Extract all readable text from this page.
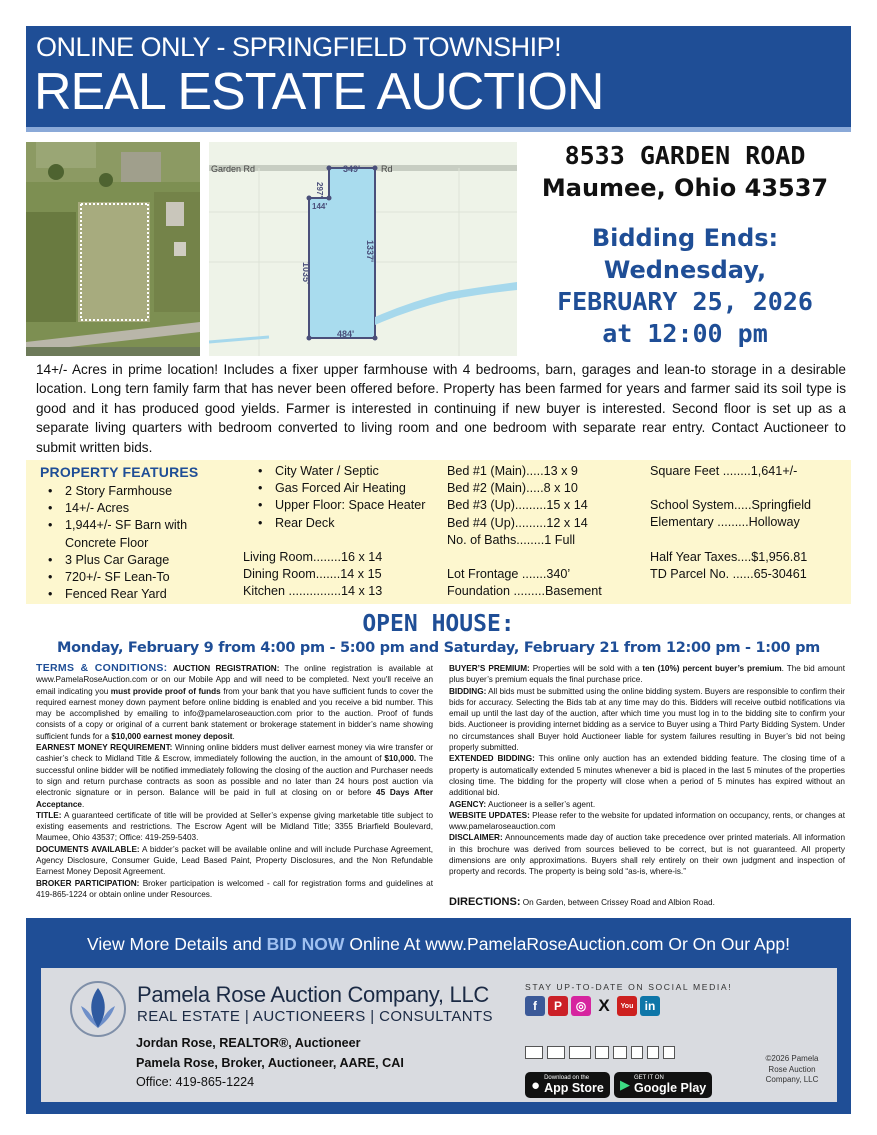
ONLINE ONLY - SPRINGFIELD TOWNSHIP!
REAL ESTATE AUCTION
Garden Rd	Rd
349'
297'
144'
1035'
1337'
484'
8533 GARDEN ROAD
Maumee, Ohio 43537
Bidding Ends:
Wednesday,
FEBRUARY 25, 2026
at 12:00 pm
14+/- Acres in prime location! Includes a fixer upper farmhouse with 4 bedrooms, barn, garages and lean-to storage in a desirable location. Long tern family farm that has never been offered before. Property has been farmed for years and farmer said its soil type is good and it has produced good yields. Farmer is interested in continuing if new buyer is interested. Second floor is set up as a separate living quarters with bedroom converted to living room and one bedroom with separate rear entry. Contact Auctioneer to submit written bids.
PROPERTY FEATURES
• 2 Story Farmhouse
• 14+/- Acres
• 1,944+/- SF Barn with Concrete Floor
• 3 Plus Car Garage
• 720+/- SF Lean-To
• Fenced Rear Yard
• City Water / Septic
• Gas Forced Air Heating
• Upper Floor: Space Heater
• Rear Deck
Living Room........16 x 14
Dining Room.......14 x 15
Kitchen ...............14 x 13
Bed #1 (Main).....13 x 9
Bed #2 (Main).....8 x 10
Bed #3 (Up).........15 x 14
Bed #4 (Up).........12 x 14
No. of Baths........1 Full
Lot Frontage .......340’
Foundation .........Basement
Square Feet ........1,641+/-
School System.....Springfield
Elementary .........Holloway
Half Year Taxes....$1,956.81
TD Parcel No. ......65-30461
OPEN HOUSE:
Monday, February 9 from 4:00 pm - 5:00 pm and Saturday, February 21 from 12:00 pm - 1:00 pm

TERMS & CONDITIONS: AUCTION REGISTRATION: The online registration is available at www.PamelaRoseAuction.com or on our Mobile App and will need to be completed. Next you'll receive an email indicating you must provide proof of funds from your bank that you have sufficient funds to cover the required earnest money down payment before online bidding is enabled and you receive a bid number. This may be accomplished by emailing to info@pamelaroseauction.com prior to the auction. Proof of funds consists of a copy or original of a current bank statement or brokerage statement in bidder’s name showing sufficient funds for a $10,000 earnest money deposit.

EARNEST MONEY REQUIREMENT: Winning online bidders must deliver earnest money via wire transfer or cashier’s check to Midland Title & Escrow, immediately following the auction, in the amount of $10,000. The successful online bidder will be notified immediately following the closing of the auction and Purchaser needs to sign and return purchase contracts as soon as possible and no later than 24 hours post auction via electronic signature or in person. Balance will be paid in full at closing on or before 45 Days After Acceptance.

TITLE: A guaranteed certificate of title will be provided at Seller’s expense giving marketable title subject to existing easements and restrictions. The Escrow Agent will be Midland Title; 3355 Briarfield Boulevard, Maumee, Ohio 43537; Office: 419-259-5403.

DOCUMENTS AVAILABLE: A bidder’s packet will be available online and will include Purchase Agreement, Agency Disclosure, Consumer Guide, Lead Based Paint, Property Disclosures, and the Non Refundable Earnest Money Deposit Agreement.

BROKER PARTICIPATION: Broker participation is welcomed - call for registration forms and guidelines at 419-865-1224 or obtain online under Resources.

BUYER’S PREMIUM: Properties will be sold with a ten (10%) percent buyer’s premium. The bid amount plus buyer’s premium equals the final purchase price.

BIDDING: All bids must be submitted using the online bidding system. Buyers are responsible to confirm their bids for accuracy. Selecting the Bids tab at any time may do this. Bidders will receive outbid notifications via email up until the last day of the auction, after which time you must log in to the bidding site to confirm your bids. Auctioneer is providing internet bidding as a service to Buyer using a Third Party Bidding System. Under no circumstances shall Buyer hold Auctioneer liable for system failures resulting in Buyer’s bid not being properly submitted.

EXTENDED BIDDING: This online only auction has an extended bidding feature. The closing time of a property is automatically extended 5 minutes whenever a bid is placed in the last 5 minutes of the properties closing time. The bidding for the property will close when a period of 5 minutes has expired without an additional bid.

AGENCY: Auctioneer is a seller’s agent.

WEBSITE UPDATES: Please refer to the website for updated information on occupancy, rents, or changes at www.pamelaroseauction.com

DISCLAIMER: Announcements made day of auction take precedence over printed materials. All information in this brochure was derived from sources believed to be correct, but is not guaranteed. All property dimensions are only approximations. Buyers shall rely entirely on their own judgment and inspection of property and records. The property is being sold “as-is, where-is.”

DIRECTIONS: On Garden, between Crissey Road and Albion Road.
View More Details and BID NOW Online At www.PamelaRoseAuction.com Or On Our App!
Pamela Rose Auction Company, LLC
REAL ESTATE | AUCTIONEERS | CONSULTANTS
Jordan Rose, REALTOR®, Auctioneer
Pamela Rose, Broker, Auctioneer, AARE, CAI
Office: 419-865-1224
STAY UP-TO-DATE ON SOCIAL MEDIA!
f	P	◎ X	You in
● Download on the
App Store ▶ GET IT ON
Google Play
©2026 Pamela Rose Auction Company, LLC
